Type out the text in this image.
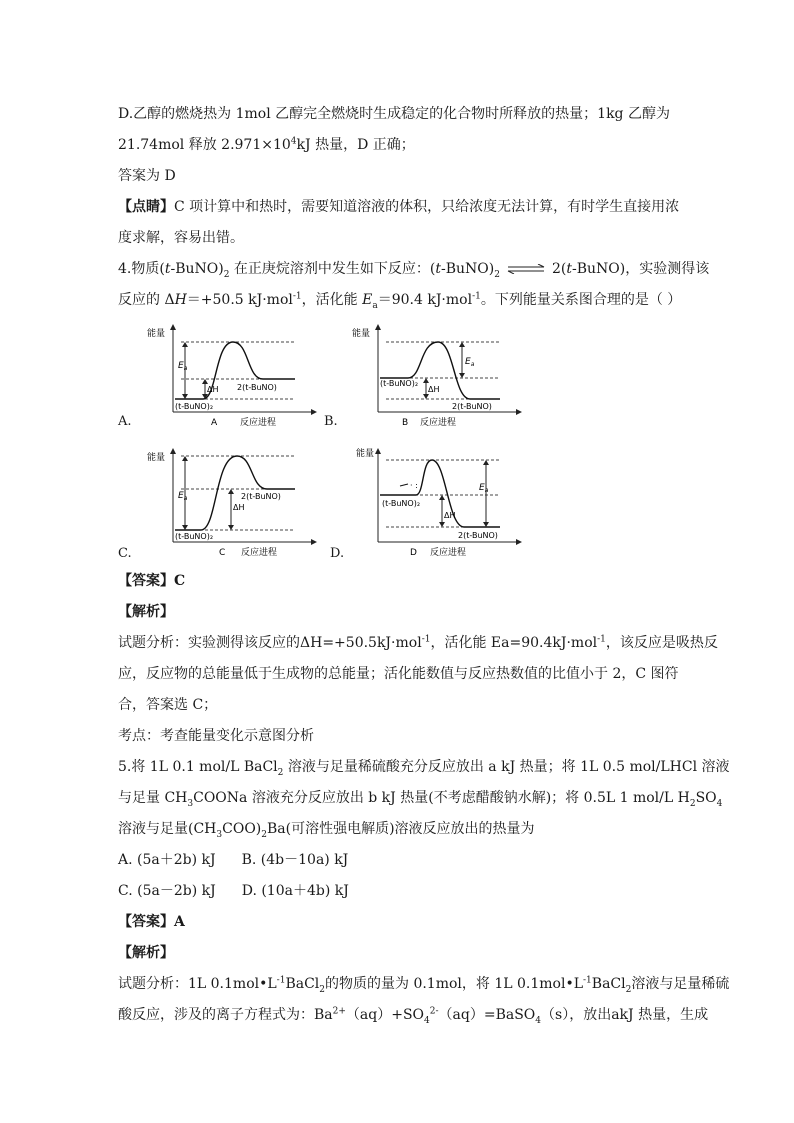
D.乙醇的燃烧热为 1mol 乙醇完全燃烧时生成稳定的化合物时所释放的热量；1kg 乙醇为
21.74mol 释放 $2.971\times 10^4kJ$ 热量，D 正确；
答案为 D
【点睛】C 项计算中和热时，需要知道溶液的体积，只给浓度无法计算，有时学生直接用浓
度求解，容易出错。
4.物质$(t-BuNO)_2$ 在正庚烷溶剂中发生如下反应：$(t-BuNO)_2$ ⇌ 2(t-BuNO)，实验测得该
反应的 ΔH＝+50.5 kJ·mol$^{-1}$，活化能 $E_a=90.4$ kJ·mol$^{-1}$。下列能量关系图合理的是（ ）
能量
$E_a$
ΔH 2(t-BuNO)
(t-BuNO)₂
A	反应进程
A.
能量
$E_a$
ΔH
(t-BuNO)₂
2(t-BuNO)
B 反应进程
B.
能量
$E_a$
ΔH
2(t-BuNO)
(t-BuNO)₂
C 反应进程
C.
能量
· :	$E_a$
ΔH
(t-BuNO)₂
2(t-BuNO)
D 反应进程
D.
【答案】C
【解析】
试题分析：实验测得该反应的ΔH=+50.5kJ·mol$^{-1}$，活化能 Ea=90.4kJ·mol$^{-1}$，该反应是吸热反
应，反应物的总能量低于生成物的总能量；活化能数值与反应热数值的比值小于 2，C 图符
合，答案选 C；
考点：考查能量变化示意图分析
5.将 1L 0.1 mol/L BaCl$_2$ 溶液与足量稀硫酸充分反应放出 a kJ 热量；将 1L 0.5 mol/LHCl 溶液
与足量 $CH_3COONa$ 溶液充分反应放出 b kJ 热量(不考虑醋酸钠水解)；将 0.5L 1 mol/L $H_2SO_4$
溶液与足量$(CH_3COO)_2Ba$(可溶性强电解质)溶液反应放出的热量为
A. (5a＋2b) kJ B. (4b－10a) kJ
C. (5a－2b) kJ D. (10a＋4b) kJ
【答案】A
【解析】
试题分析：1L $0.1mol•L^{-1}BaCl_2$的物质的量为 0.1mol，将 1L $0.1mol•L^{-1}BaCl_2$溶液与足量稀硫
酸反应，涉及的离子方程式为：$Ba^{2+}(aq)+SO_4^{2-}(aq)=BaSO_4(s)$，放出akJ 热量，生成
